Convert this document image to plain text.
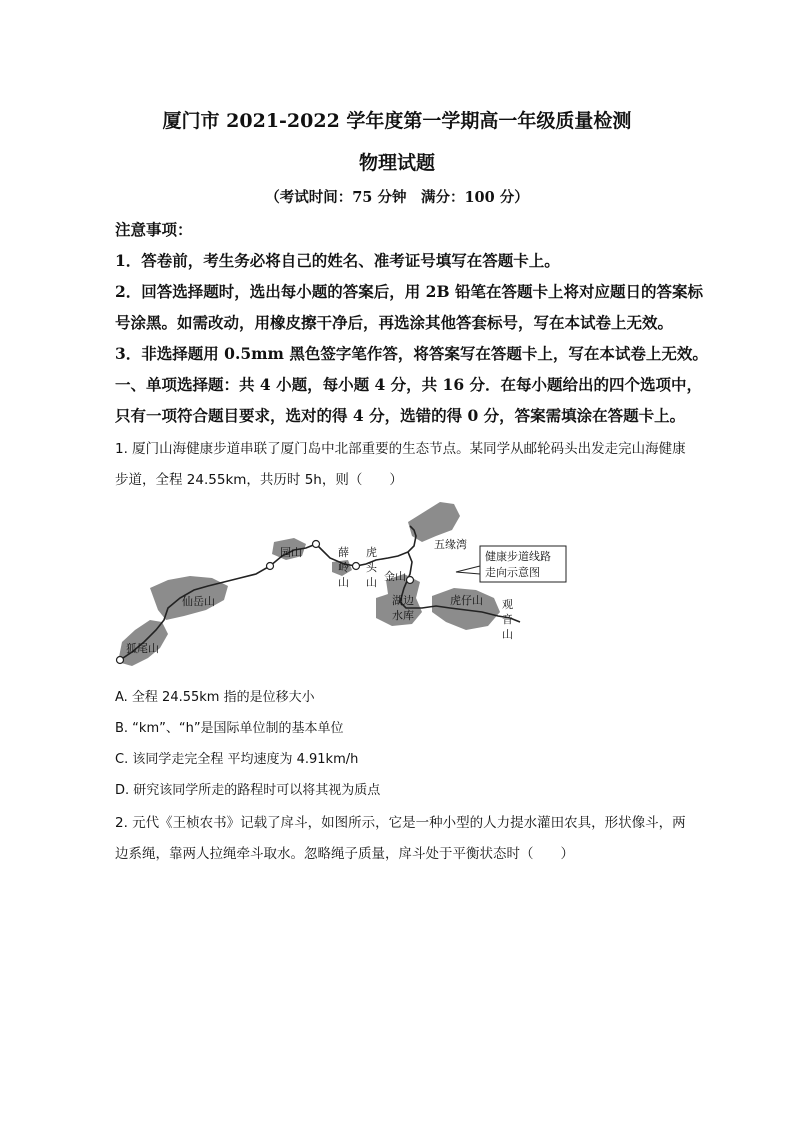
厦门市 2021-2022 学年度第一学期高一年级质量检测
物理试题
（考试时间：75 分钟　满分：100 分）
注意事项：
1．答卷前，考生务必将自己的姓名、准考证号填写在答题卡上。
2．回答选择题时，选出每小题的答案后，用 2B 铅笔在答题卡上将对应题日的答案标
号涂黑。如需改动，用橡皮擦干净后，再选涂其他答套标号，写在本试卷上无效。
3．非选择题用 0.5mm 黑色签字笔作答，将答案写在答题卡上，写在本试卷上无效。
一、单项选择题：共 4 小题，每小题 4 分，共 16 分．在每小题给出的四个选项中，
只有一项符合题目要求，选对的得 4 分，选错的得 0 分，答案需填涂在答题卡上。
1. 厦门山海健康步道串联了厦门岛中北部重要的生态节点。某同学从邮轮码头出发走完山海健康
步道，全程 24.55km，共历时 5h，则（　　）
狐尾山
仙岳山
园山	薛
岭
山
虎
头
山 金山
五缘湾
湖边
水库
虎仔山 观
音
山
健康步道线路
走向示意图
A. 全程 24.55km 指的是位移大小
B. “km”、“h”是国际单位制的基本单位
C. 该同学走完全程 平均速度为 4.91km/h
D. 研究该同学所走的路程时可以将其视为质点
2. 元代《王桢农书》记载了戽斗，如图所示，它是一种小型的人力提水灌田农具，形状像斗，两
边系绳，靠两人拉绳牵斗取水。忽略绳子质量，戽斗处于平衡状态时（　　）
